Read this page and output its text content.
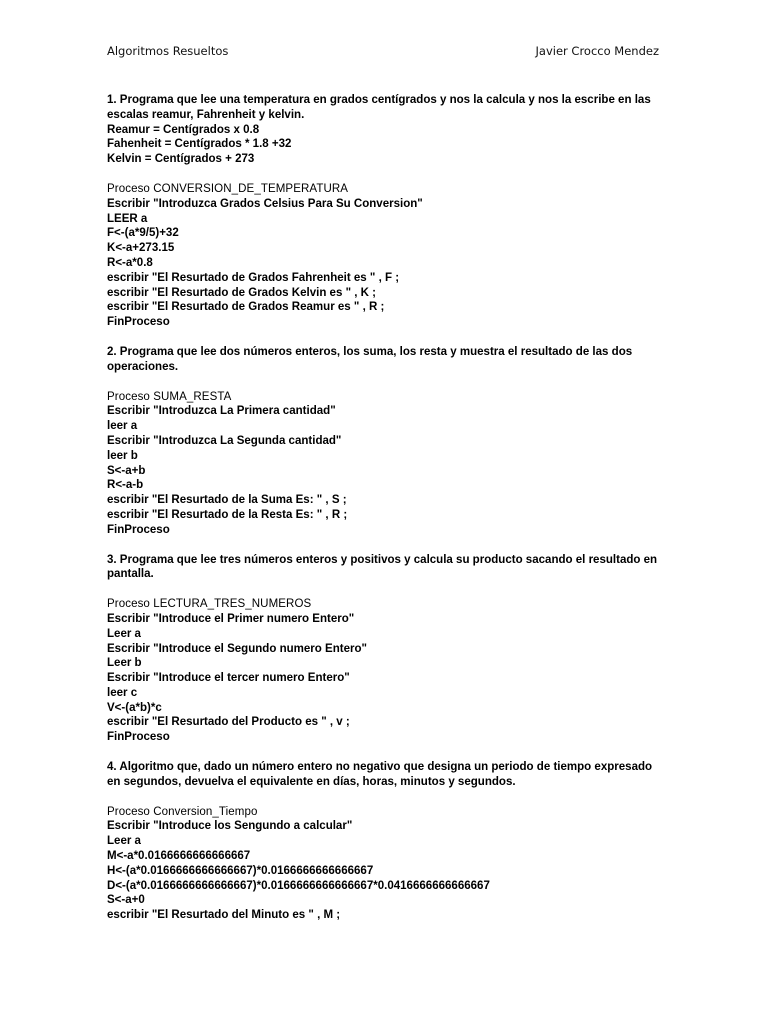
Algoritmos Resueltos	Javier Crocco Mendez
1. Programa que lee una temperatura en grados centígrados y nos la calcula y nos la escribe en las escalas reamur, Fahrenheit y kelvin.
Reamur = Centígrados x 0.8
Fahenheit = Centígrados * 1.8 +32
Kelvin = Centígrados + 273
Proceso CONVERSION_DE_TEMPERATURA
Escribir "Introduzca Grados Celsius Para Su Conversion"
LEER a
F<-(a*9/5)+32
K<-a+273.15
R<-a*0.8
escribir "El Resurtado de Grados Fahrenheit es " , F ;
escribir "El Resurtado de Grados Kelvin es " , K ;
escribir "El Resurtado de Grados Reamur es " , R ;
FinProceso
2. Programa que lee dos números enteros, los suma, los resta y muestra el resultado de las dos operaciones.
Proceso SUMA_RESTA
Escribir "Introduzca La Primera cantidad"
leer a
Escribir "Introduzca La Segunda cantidad"
leer b
S<-a+b
R<-a-b
escribir "El Resurtado de la Suma Es: " , S ;
escribir "El Resurtado de la Resta Es: " , R ;
FinProceso
3. Programa que lee tres números enteros y positivos y calcula su producto sacando el resultado en pantalla.
Proceso LECTURA_TRES_NUMEROS
Escribir "Introduce el Primer numero Entero"
Leer a
Escribir "Introduce el Segundo numero Entero"
Leer b
Escribir "Introduce el tercer numero Entero"
leer c
V<-(a*b)*c
escribir "El Resurtado del Producto es " , v ;
FinProceso
4. Algoritmo que, dado un número entero no negativo que designa un periodo de tiempo expresado en segundos, devuelva el equivalente en días, horas, minutos y segundos.
Proceso Conversion_Tiempo
Escribir "Introduce los Sengundo a calcular"
Leer a
M<-a*0.0166666666666667
H<-(a*0.0166666666666667)*0.0166666666666667
D<-(a*0.0166666666666667)*0.0166666666666667*0.0416666666666667
S<-a+0
escribir "El Resurtado del Minuto es " , M ;
